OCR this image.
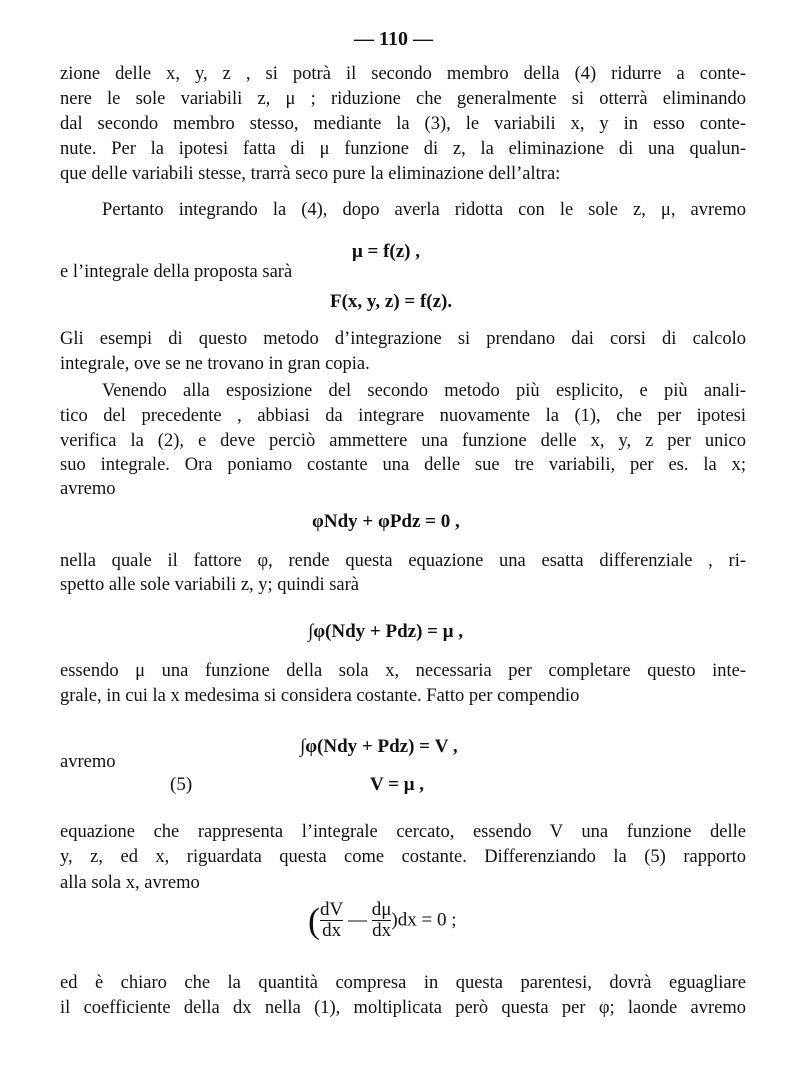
— 110 —
zione delle x, y, z , si potrà il secondo membro della (4) ridurre a conte-
nere le sole variabili z, μ ; riduzione che generalmente si otterrà eliminando
dal secondo membro stesso, mediante la (3), le variabili x, y in esso conte-
nute. Per la ipotesi fatta di μ funzione di z, la eliminazione di una qualun-
que delle variabili stesse, trarrà seco pure la eliminazione dell’altra:
Pertanto integrando la (4), dopo averla ridotta con le sole z, μ, avremo
μ = f(z) ,
e l’integrale della proposta sarà
F(x, y, z) = f(z).
Gli esempi di questo metodo d’integrazione si prendano dai corsi di calcolo
integrale, ove se ne trovano in gran copia.
Venendo alla esposizione del secondo metodo più esplicito, e più anali-
tico del precedente , abbiasi da integrare nuovamente la (1), che per ipotesi
verifica la (2), e deve perciò ammettere una funzione delle x, y, z per unico
suo integrale. Ora poniamo costante una delle sue tre variabili, per es. la x;
avremo
φNdy + φPdz = 0 ,
nella quale il fattore φ, rende questa equazione una esatta differenziale , ri-
spetto alle sole variabili z, y; quindi sarà
∫φ(Ndy + Pdz) = μ ,
essendo μ una funzione della sola x, necessaria per completare questo inte-
grale, in cui la x medesima si considera costante. Fatto per compendio
∫φ(Ndy + Pdz) = V ,
avremo
(5)	V = μ ,
equazione che rappresenta l’integrale cercato, essendo V una funzione delle
y, z, ed x, riguardata questa come costante. Differenziando la (5) rapporto
alla sola x, avremo
( $\frac{dV}{dx}$ — $\frac{d\mu}{dx} )dx = 0$ ;
ed è chiaro che la quantità compresa in questa parentesi, dovrà eguagliare
il coefficiente della dx nella (1), moltiplicata però questa per φ; laonde avremo
